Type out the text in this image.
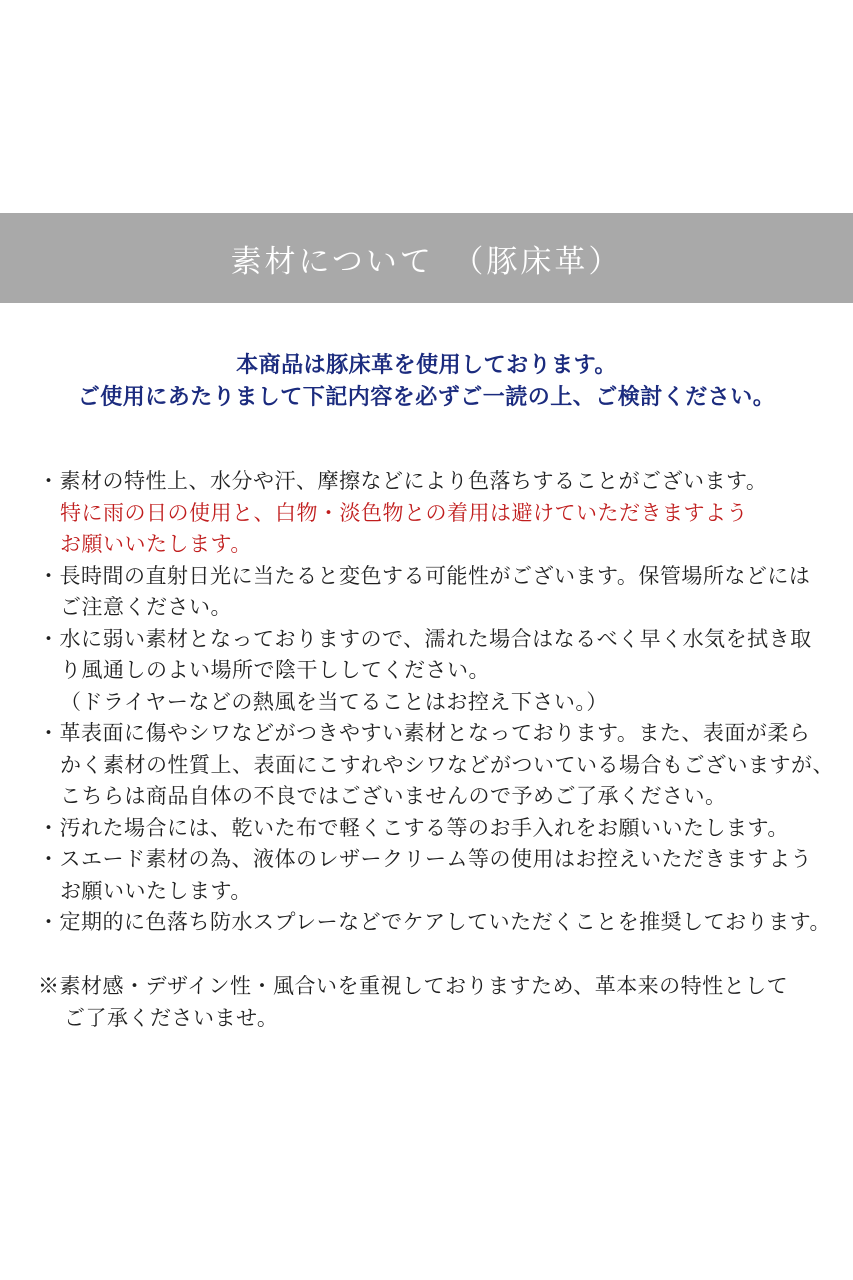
素材について　（豚床革）

本商品は豚床革を使用しております。

ご使用にあたりまして下記内容を必ずご一読の上、ご検討ください。

・素材の特性上、水分や汗、摩擦などにより色落ちすることがございます。

特に雨の日の使用と、白物・淡色物との着用は避けていただきますよう

お願いいたします。

・長時間の直射日光に当たると変色する可能性がございます。保管場所などには

ご注意ください。

・水に弱い素材となっておりますので、濡れた場合はなるべく早く水気を拭き取

り風通しのよい場所で陰干ししてください。

（ドライヤーなどの熱風を当てることはお控え下さい。）

・革表面に傷やシワなどがつきやすい素材となっております。また、表面が柔ら

かく素材の性質上、表面にこすれやシワなどがついている場合もございますが、

こちらは商品自体の不良ではございませんので予めご了承ください。

・汚れた場合には、乾いた布で軽くこする等のお手入れをお願いいたします。

・スエード素材の為、液体のレザークリーム等の使用はお控えいただきますよう

お願いいたします。

・定期的に色落ち防水スプレーなどでケアしていただくことを推奨しております。

※素材感・デザイン性・風合いを重視しておりますため、革本来の特性として

ご了承くださいませ。
